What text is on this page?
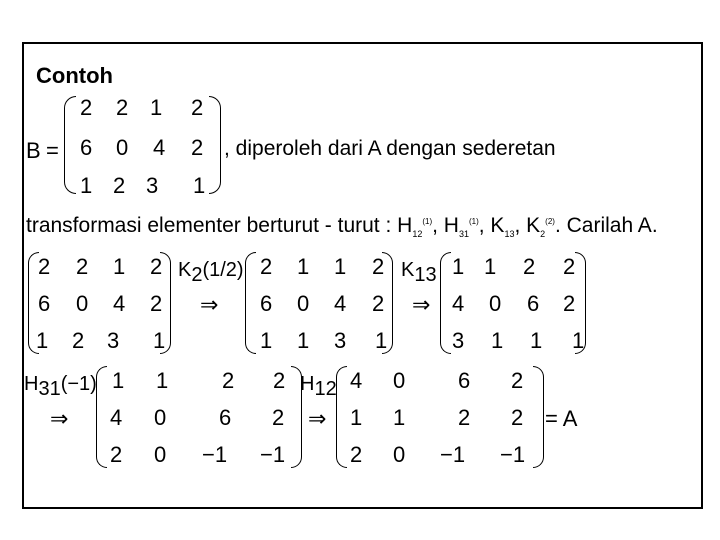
Contoh
B =
2 2 1 2
6 0 4 2
1 2 3 1
, diperoleh dari A dengan sederetan
transformasi elementer berturut - turut : $H_{12}^{(1)}$, $H_{31}^{(1)}$, $K_{13}$, $K_2^{(2)}$. Carilah A.
2 2 1 2
6 0 4 2
1 2 3 1
$K_2(1/2)$
⇒
2 1 1 2
6 0 4 2
1 1 3 1
$K_{13}$
⇒
1 1 2 2
4 0 6 2
3 1 1 1
$H_{31}(-1)$
⇒
1 1 2 2
4 0 6 2
2 0 −1 −1
$H_{12}$
⇒
4 0 6 2
1 1 2 2
2 0 −1 −1
= A
